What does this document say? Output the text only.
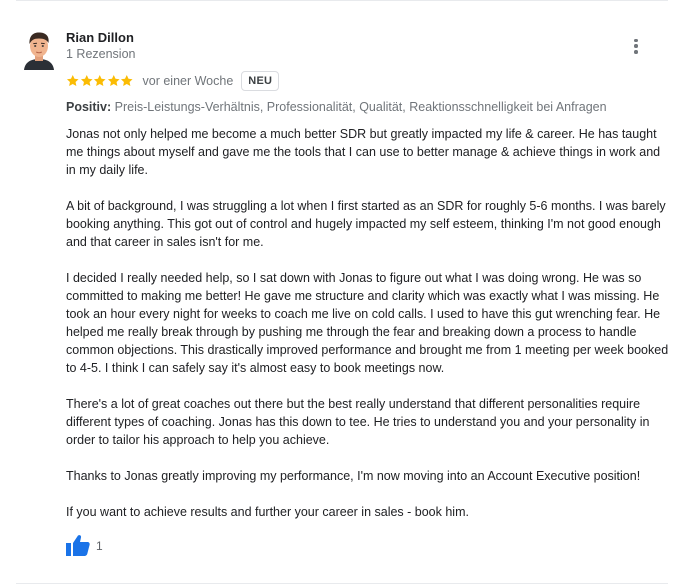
Rian Dillon
1 Rezension
vor einer Woche	NEU
Positiv: Preis-Leistungs-Verhältnis, Professionalität, Qualität, Reaktionsschnelligkeit bei Anfragen

Jonas not only helped me become a much better SDR but greatly impacted my life & career. He has taught me things about myself and gave me the tools that I can use to better manage & achieve things in work and in my daily life.

A bit of background, I was struggling a lot when I first started as an SDR for roughly 5-6 months. I was barely booking anything. This got out of control and hugely impacted my self esteem, thinking I'm not good enough and that career in sales isn't for me.

I decided I really needed help, so I sat down with Jonas to figure out what I was doing wrong. He was so committed to making me better! He gave me structure and clarity which was exactly what I was missing. He took an hour every night for weeks to coach me live on cold calls. I used to have this gut wrenching fear. He helped me really break through by pushing me through the fear and breaking down a process to handle common objections. This drastically improved performance and brought me from 1 meeting per week booked to 4-5. I think I can safely say it's almost easy to book meetings now.

There's a lot of great coaches out there but the best really understand that different personalities require different types of coaching. Jonas has this down to tee. He tries to understand you and your personality in order to tailor his approach to help you achieve.

Thanks to Jonas greatly improving my performance, I'm now moving into an Account Executive position!

If you want to achieve results and further your career in sales - book him.

1
